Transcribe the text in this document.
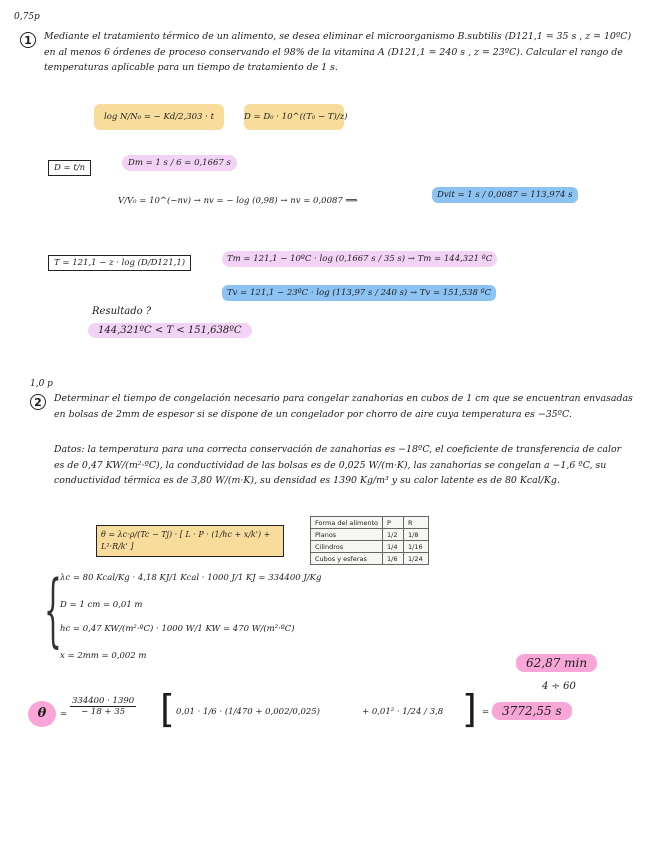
0,75p
1	Mediante el tratamiento térmico de un alimento, se desea eliminar el microorganismo B.subtilis (D121,1 = 35 s , z = 10ºC) en al menos 6 órdenes de proceso conservando el 98% de la vitamina A (D121,1 = 240 s , z = 23ºC). Calcular el rango de temperaturas aplicable para un tiempo de tratamiento de 1 s.
log N/N₀ = − Kd/2,303 · t	D = D₀ · 10^((T₀ − T)/z)
D = t/n	Dm = 1 s / 6 = 0,1667 s
V/V₀ = 10^(−nv) → nv = − log (0,98) → nv = 0,0087 ⟹
Dvit = 1 s / 0,0087 = 113,974 s
T = 121,1 − z · log (D/D121,1)	Tm = 121,1 − 10ºC · log (0,1667 s / 35 s) → Tm = 144,321 ºC
Tv = 121,1 − 23ºC · log (113,97 s / 240 s) → Tv = 151,538 ºC
Resultado ?
144,321ºC < T < 151,638ºC
1,0 p
2	Determinar el tiempo de congelación necesario para congelar zanahorias en cubos de 1 cm que se encuentran envasadas en bolsas de 2mm de espesor si se dispone de un congelador por chorro de aire cuya temperatura es −35ºC.
Datos: la temperatura para una correcta conservación de zanahorias es −18ºC, el coeficiente de transferencia de calor es de 0,47 KW/(m²·ºC), la conductividad de las bolsas es de 0,025 W/(m·K), las zanahorias se congelan a −1,6 ºC, su conductividad térmica es de 3,80 W/(m·K), su densidad es 1390 Kg/m³ y su calor latente es de 80 Kcal/Kg.
θ = λc·ρ/(Tc − Tj) · [ L · P · (1/hc + x/k') + L²·R/k' ]
Forma del alimento	P	R
Planos	1/2	1/8
Cilindros	1/4	1/16
Cubos y esferas	1/6	1/24
{
λc = 80 Kcal/Kg · 4,18 KJ/1 Kcal · 1000 J/1 KJ = 334400 J/Kg
D = 1 cm = 0,01 m
hc = 0,47 KW/(m²·ºC) · 1000 W/1 KW = 470 W/(m²·ºC)
x = 2mm = 0,002 m	62,87 min
4 ÷ 60
θ	= $\frac{334400 \cdot 1390}{- 18 + 35}$ [ 0,01 · 1/6 · (1/470 + 0,002/0,025)	+ 0,01² · 1/24 / 3,8 ] =	3772,55 s
